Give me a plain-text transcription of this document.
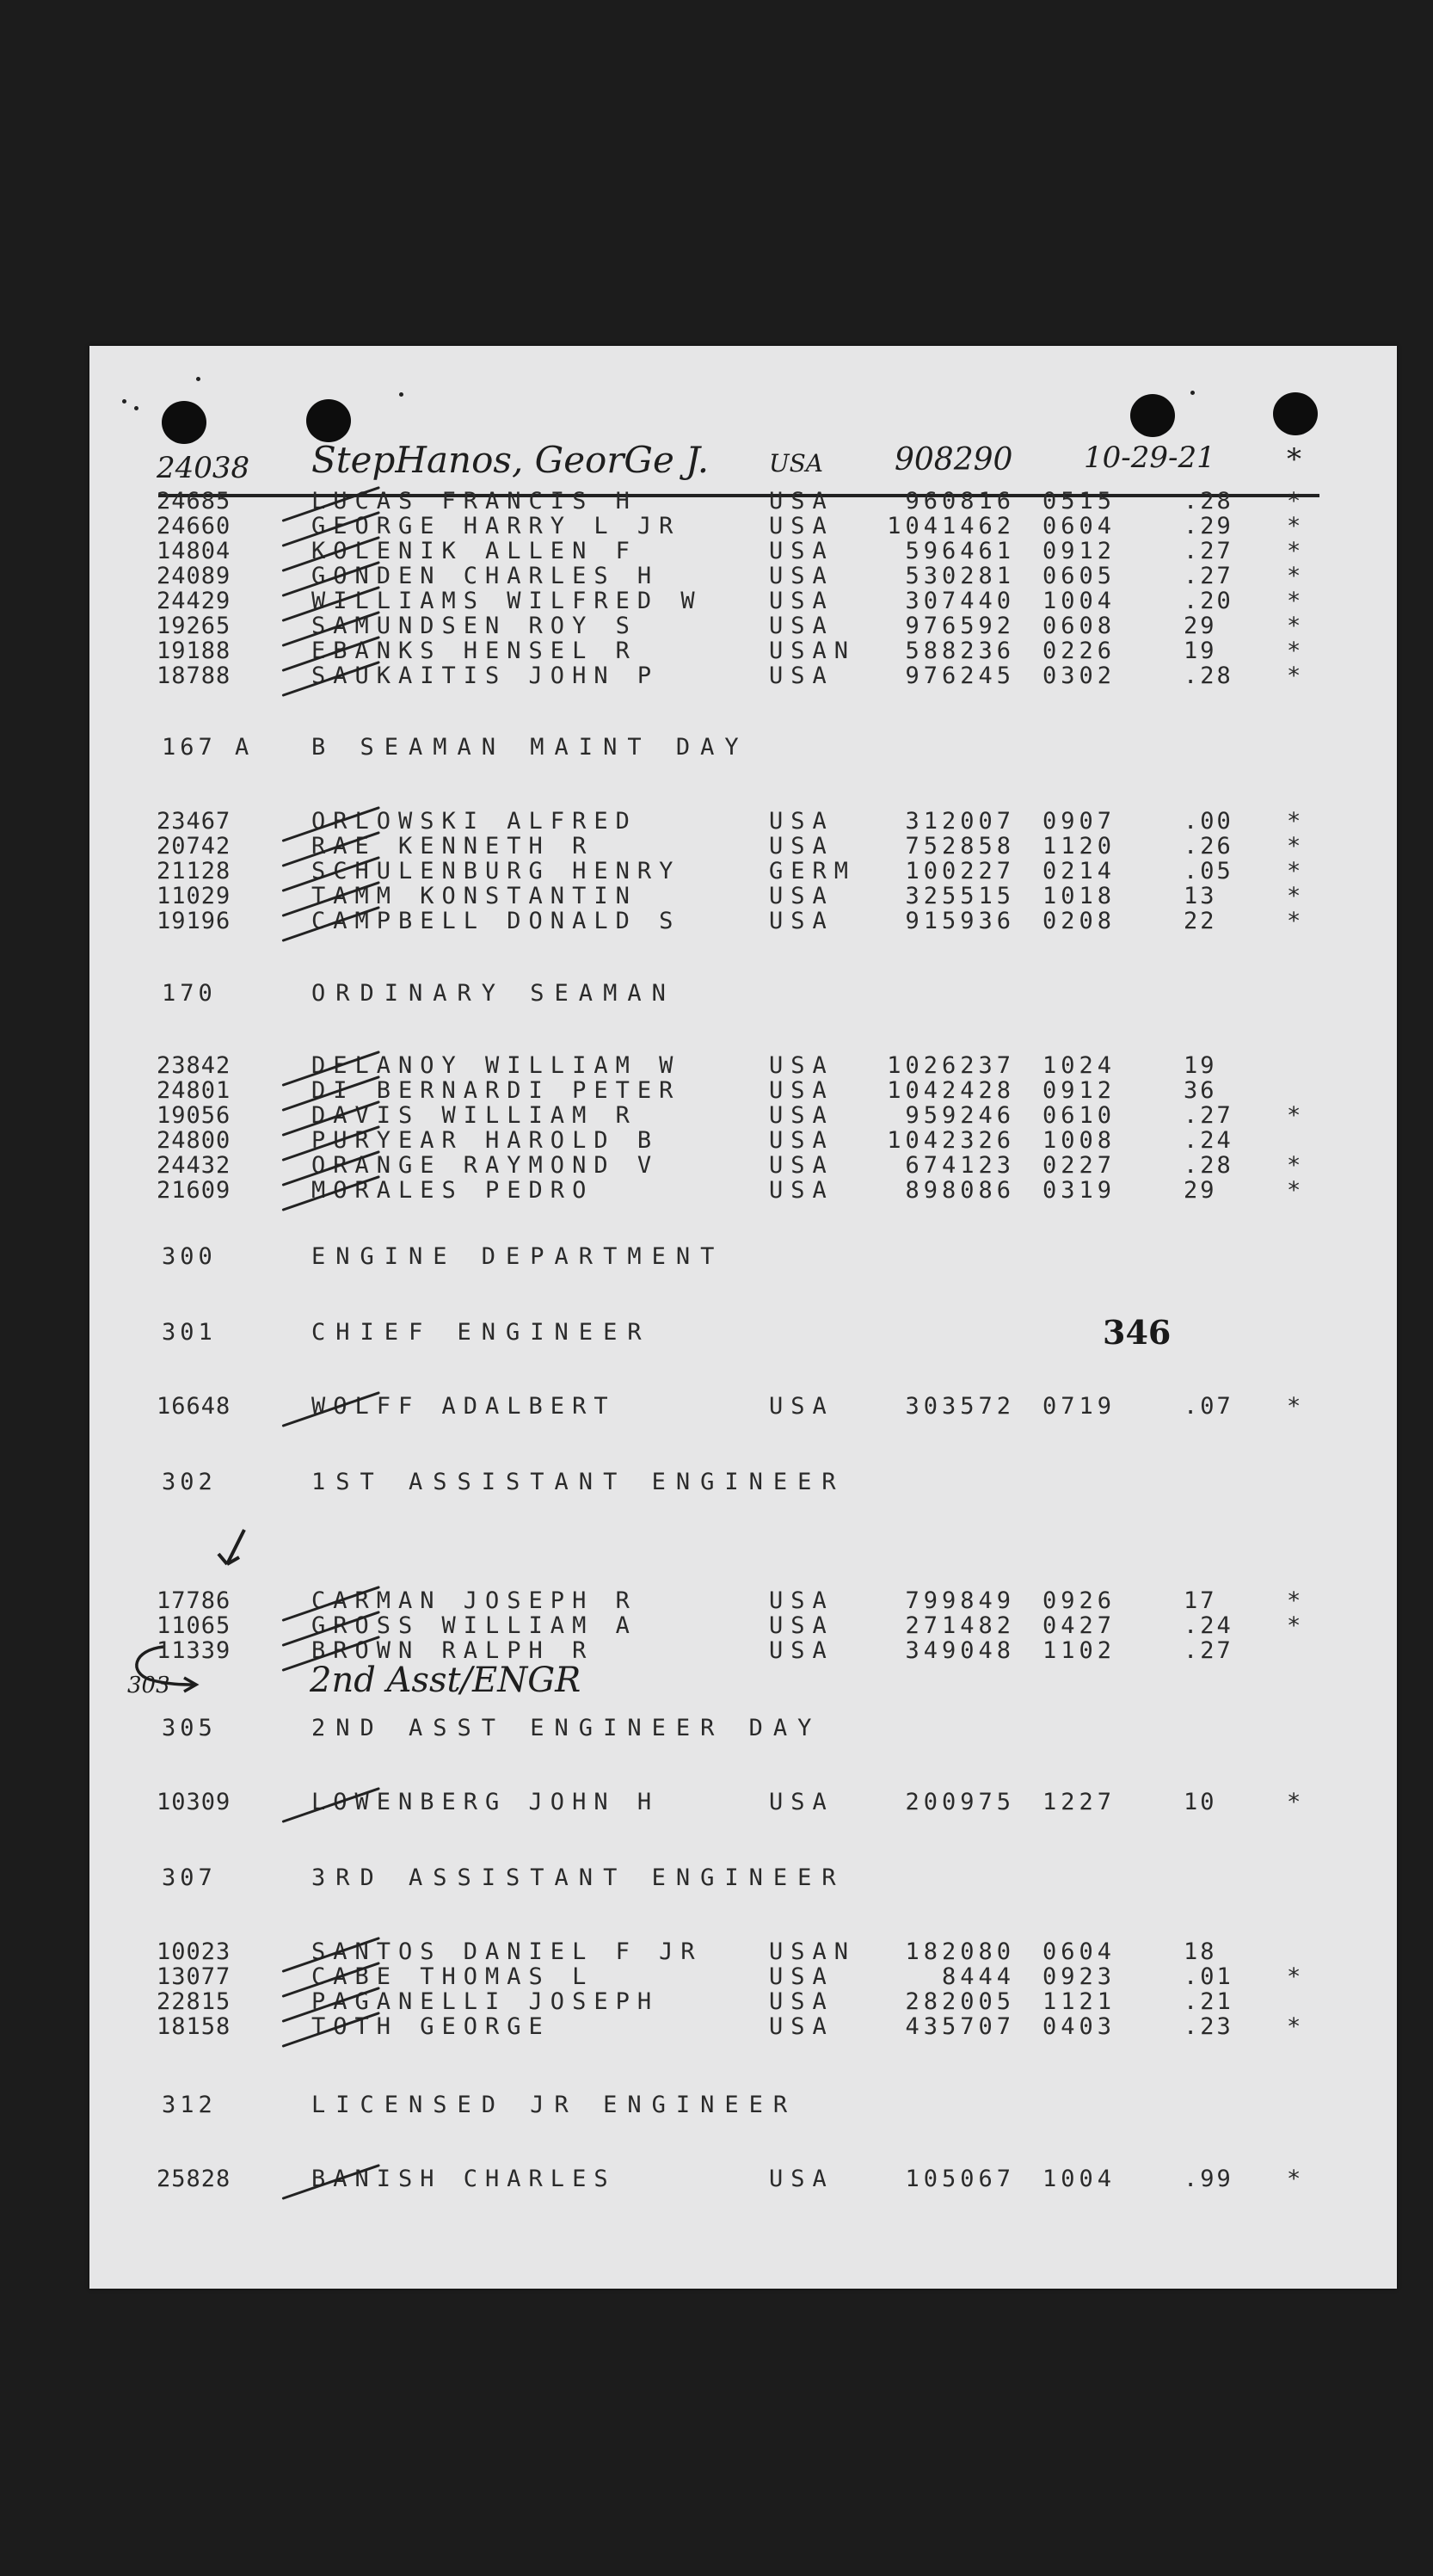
24038 StepHanos, GeorGe J. USA 908290 10-29-21 *
24685	LUCAS FRANCIS H	USA	960816 0515	.28 *
24660	GEORGE HARRY L JR	USA	1041462 0604	.29 *
14804	KOLENIK ALLEN F	USA	596461 0912	.27 *
24089	GONDEN CHARLES H	USA	530281 0605	.27 *
24429	WILLIAMS WILFRED W	USA	307440 1004	.20 *
19265	SAMUNDSEN ROY S	USA	976592 0608	29	*
19188	EBANKS HENSEL R	USAN	588236 0226	19	*
18788	SAUKAITIS JOHN P	USA	976245 0302	.28 *
167 A	B SEAMAN MAINT DAY
23467	ORLOWSKI ALFRED	USA	312007 0907	.00 *
20742	RAE KENNETH R	USA	752858 1120	.26 *
21128	SCHULENBURG HENRY	GERM	100227 0214	.05 *
11029	TAMM KONSTANTIN	USA	325515 1018	13	*
19196	CAMPBELL DONALD S	USA	915936 0208	22	*
170	ORDINARY SEAMAN
23842	DELANOY WILLIAM W	USA	1026237 1024	19
24801	DI BERNARDI PETER	USA	1042428 0912	36
19056	DAVIS WILLIAM R	USA	959246 0610	.27 *
24800	PURYEAR HAROLD B	USA	1042326 1008	.24
24432	ORANGE RAYMOND V	USA	674123 0227	.28 *
21609	MORALES PEDRO	USA	898086 0319	29	*
300	ENGINE DEPARTMENT
301	CHIEF ENGINEER
16648	WOLFF ADALBERT	USA	303572 0719	.07 *
302	1ST ASSISTANT ENGINEER
17786	CARMAN JOSEPH R	USA	799849 0926	17	*
11065	GROSS WILLIAM A	USA	271482 0427	.24 *
11339	BROWN RALPH R	USA	349048 1102	.27
305	2ND ASST ENGINEER DAY
10309	LOWENBERG JOHN H	USA	200975 1227	10	*
307	3RD ASSISTANT ENGINEER
10023	SANTOS DANIEL F JR	USAN	182080 0604	18
13077	CABE THOMAS L	USA	8444 0923	.01 *
22815	PAGANELLI JOSEPH	USA	282005 1121	.21
18158	TOTH GEORGE	USA	435707 0403	.23 *
312	LICENSED JR ENGINEER
25828	BANISH CHARLES	USA	105067 1004	.99 *
346
303	2nd Asst/ENGR
